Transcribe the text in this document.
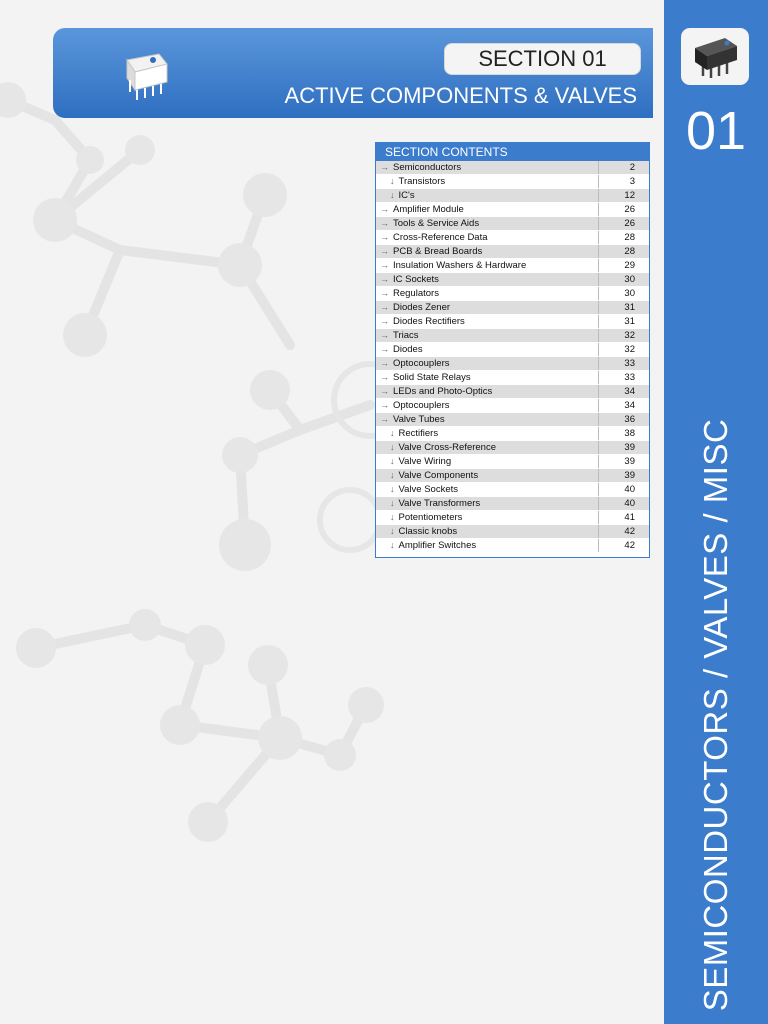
SECTION 01
ACTIVE COMPONENTS & VALVES
01
SEMICONDUCTORS / VALVES / MISC
SECTION CONTENTS
→ Semiconductors	2
↓ Transistors	3
↓ IC's	12
→ Amplifier Module	26
→ Tools & Service Aids	26
→ Cross-Reference Data	28
→ PCB & Bread Boards	28
→ Insulation Washers & Hardware	29
→ IC Sockets	30
→ Regulators	30
→ Diodes Zener	31
→ Diodes Rectifiers	31
→ Triacs	32
→ Diodes	32
→ Optocouplers	33
→ Solid State Relays	33
→ LEDs and Photo-Optics	34
→ Optocouplers	34
→ Valve Tubes	36
↓ Rectifiers	38
↓ Valve Cross-Reference	39
↓ Valve Wiring	39
↓ Valve Components	39
↓ Valve Sockets	40
↓ Valve Transformers	40
↓ Potentiometers	41
↓ Classic knobs	42
↓ Amplifier Switches	42
